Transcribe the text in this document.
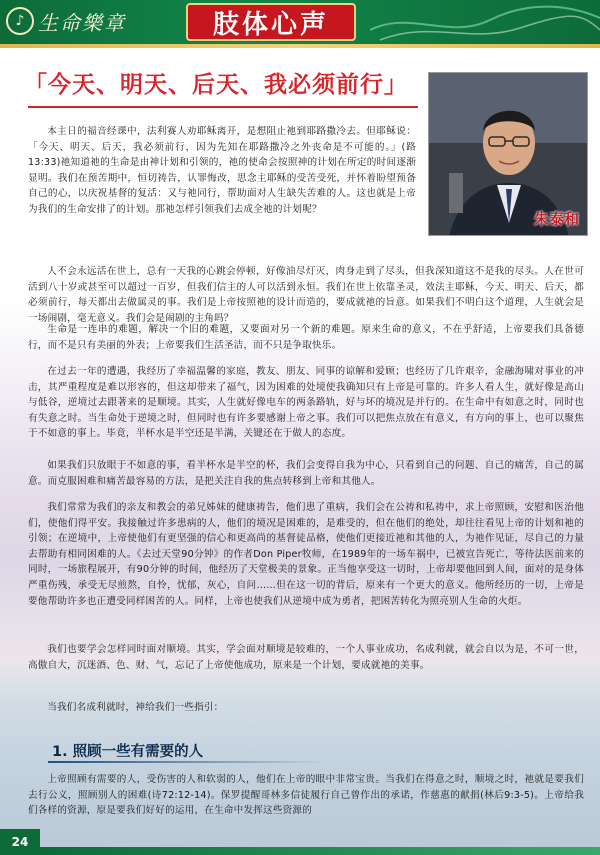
♪ 生命樂章	肢体心声
「今天、明天、后天、我必须前行」
朱泰和

本主日的福音经课中，法利赛人劝耶稣离开，是想阻止祂到耶路撒冷去。但耶稣说：「今天、明天、后天，我必须前行，因为先知在耶路撒冷之外丧命是不可能的。」(路13:33)祂知道祂的生命是由神计划和引领的，祂的使命会按照神的计划在所定的时间逐渐显明。我们在预苦期中，恒切祷告，认罪悔改，思念主耶稣的受苦受死，并怀着盼望预备自己的心，以庆祝基督的复活：又与祂同行，帮助面对人生缺失苦难的人。这也就是上帝为我们的生命安排了的计划。那祂怎样引领我们去成全祂的计划呢？

人不会永远活在世上，总有一天我的心跳会停顿，好像油尽灯灭，肉身走到了尽头，但我深知道这不是我的尽头。人在世可活到八十岁或甚至可以超过一百岁，但我们信主的人可以活到永恒。我们在世上依靠圣灵，效法主耶稣，今天、明天、后天，都必须前行，每天都出去做属灵的事。我们是上帝按照祂的设计而造的，要成就祂的旨意。如果我们不明白这个道理，人生就会是一场闹剧，毫无意义。我们会是闹剧的主角吗？

生命是一连串的难题，解决一个旧的难题，又要面对另一个新的难题。原来生命的意义，不在乎舒适，上帝要我们具备德行，而不是只有美丽的外表；上帝要我们生活圣洁，而不只是争取快乐。

在过去一年的遭遇，我经历了幸福温馨的家庭，教友、朋友、同事的谅解和爱顾；也经历了几许艰辛，金融海啸对事业的冲击，其严重程度是难以形容的，但这却带来了福气，因为困难的处境使我确知只有上帝是可靠的。许多人看人生，就好像是高山与低谷，逆境过去跟著来的是顺境。其实，人生就好像电车的两条路轨，好与坏的境况是并行的。在生命中有如意之时，同时也有失意之时。当生命处于逆境之时，但同时也有许多要感谢上帝之事。我们可以把焦点放在有意义，有方向的事上，也可以聚焦于不如意的事上。毕竟，半杯水是半空还是半满，关键还在于做人的态度。

如果我们只放眼于不如意的事，看半杯水是半空的杯，我们会变得自我为中心，只看到自己的问题、自己的痛苦，自己的属意。而克服困难和痛苦最容易的方法，是把关注自我的焦点转移到上帝和其他人。

我们常常为我们的亲友和教会的弟兄姊妹的健康祷告，他们患了重病，我们会在公祷和私祷中，求上帝照顾，安慰和医治他们，使他们得平安。我接触过许多患病的人，他们的境况是困难的，是难受的，但在他们的绝处，却往往看见上帝的计划和祂的引领；在逆境中，上帝使他们有更坚强的信心和更高尚的基督徒品格，使他们更接近祂和其他的人，为祂作见证，尽自己的力量去帮助有相同困难的人。《去过天堂90分钟》的作者Don Piper牧师，在1989年的一场车祸中，已被宣告死亡，等待法医前来的同时，一场旅程展开，有90分钟的时间，他经历了天堂极美的景象。正当他享受这一切时，上帝却要他回到人间，面对的是身体严重伤残，承受无尽煎熬，自怜，忧郁，灰心，自问……但在这一切的背后，原来有一个更大的意义。他所经历的一切，上帝是要他帮助许多也正遭受同样困苦的人。同样，上帝也使我们从逆境中成为勇者，把困苦转化为照亮别人生命的火炬。

我们也要学会怎样同时面对顺境。其实，学会面对顺境是较难的，一个人事业成功，名成利就，就会自以为是，不可一世，高傲自大，沉迷酒、色、财、气，忘记了上帝使他成功，原来是一个计划，要成就祂的美事。

当我们名成利就时，神给我们一些指引：

1. 照顾一些有需要的人

上帝照顾有需要的人，受伤害的人和软弱的人，他们在上帝的眼中非常宝贵。当我们在得意之时，顺境之时，祂就是要我们去行公义，照顾别人的困难(诗72:12-14)。保罗提醒哥林多信徒履行自己曾作出的承诺，作慈惠的献捐(林后9:3-5)。上帝给我们各样的资源，原是要我们好好的运用，在生命中发挥这些资源的

24
